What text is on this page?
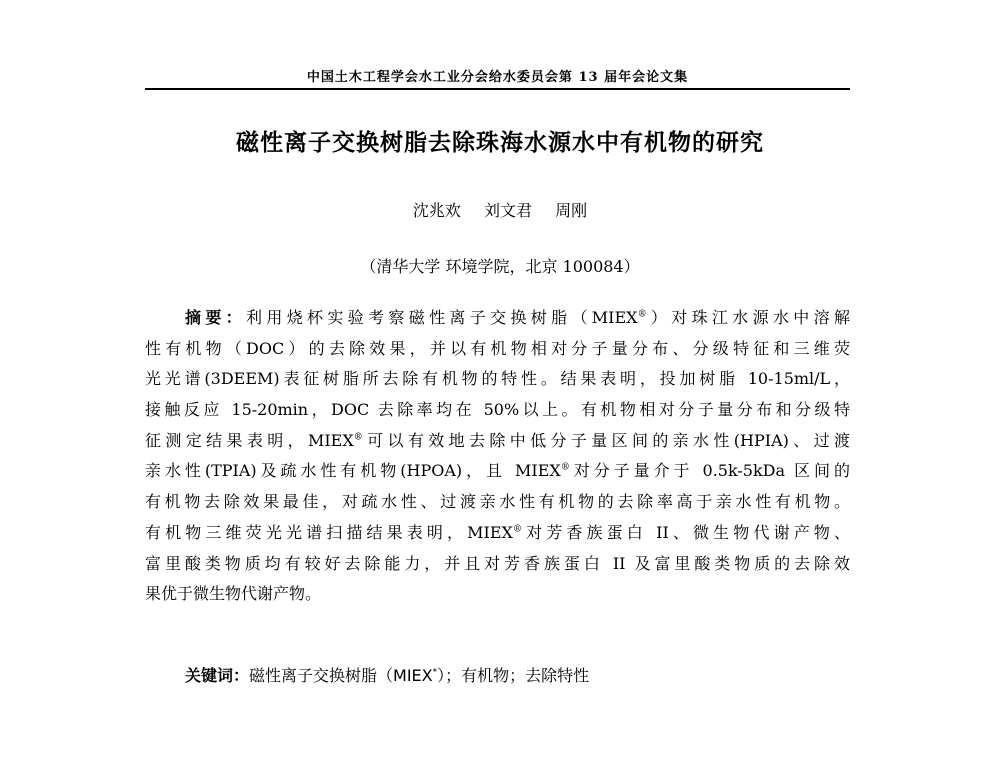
中国土木工程学会水工业分会给水委员会第 13 届年会论文集
磁性离子交换树脂去除珠海水源水中有机物的研究
沈兆欢 刘文君 周刚
（清华大学 环境学院，北京 100084）
摘要：利用烧杯实验考察磁性离子交换树脂（MIEX®）对珠江水源水中溶解
性有机物（DOC）的去除效果，并以有机物相对分子量分布、分级特征和三维荧
光光谱(3DEEM)表征树脂所去除有机物的特性。结果表明，投加树脂 10-15ml/L，
接触反应 15-20min，DOC 去除率均在 50%以上。有机物相对分子量分布和分级特
征测定结果表明，MIEX®可以有效地去除中低分子量区间的亲水性(HPIA)、过渡
亲水性(TPIA)及疏水性有机物(HPOA)，且 MIEX®对分子量介于 0.5k-5kDa 区间的
有机物去除效果最佳，对疏水性、过渡亲水性有机物的去除率高于亲水性有机物。
有机物三维荧光光谱扫描结果表明，MIEX®对芳香族蛋白 II、微生物代谢产物、
富里酸类物质均有较好去除能力，并且对芳香族蛋白 II 及富里酸类物质的去除效
果优于微生物代谢产物。
关键词：磁性离子交换树脂（MIEX*）；有机物；去除特性
